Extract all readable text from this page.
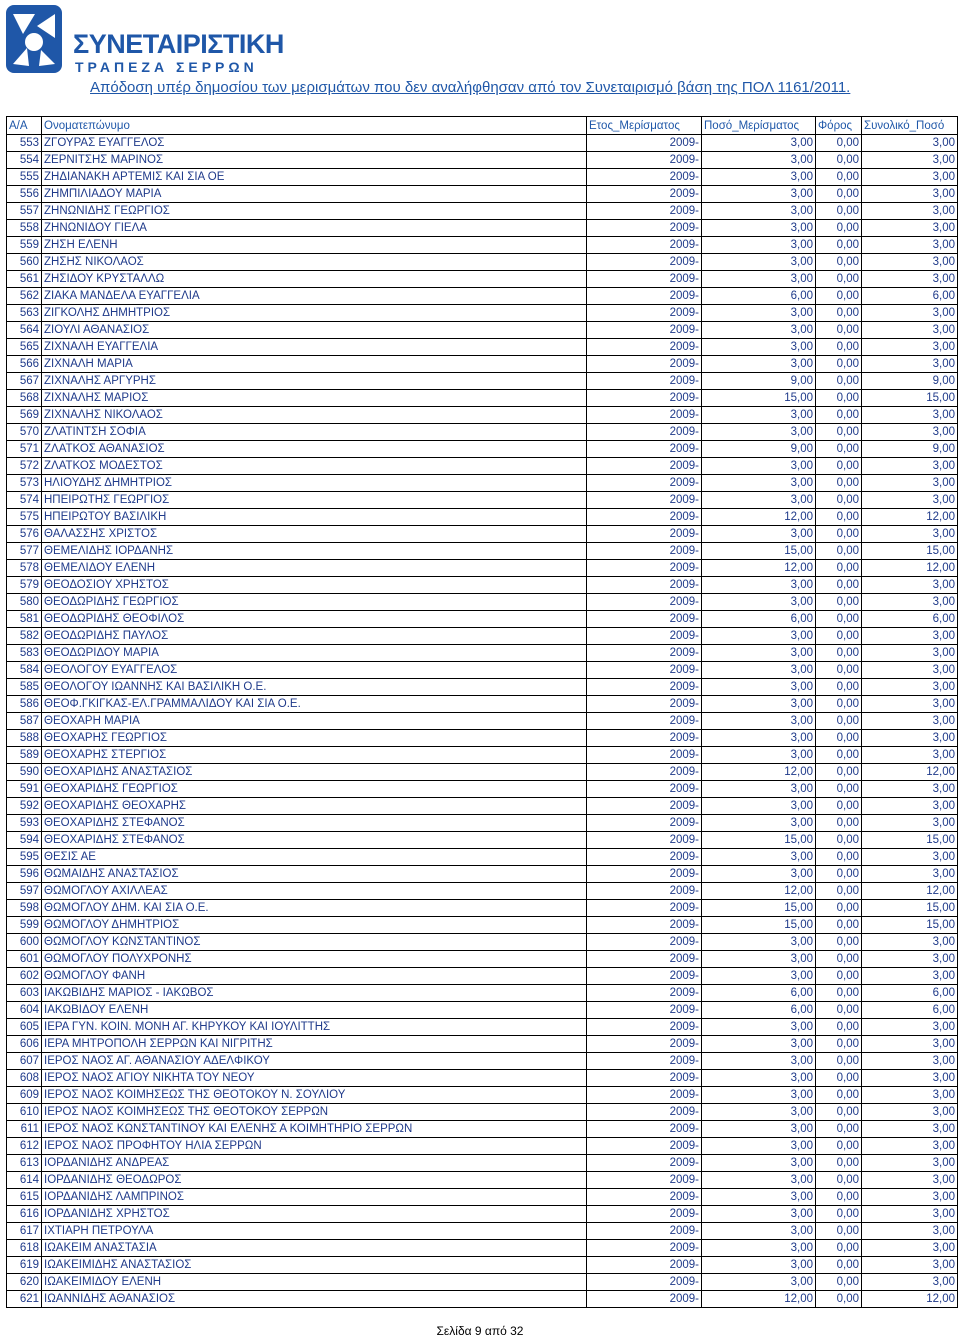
ΣΥΝΕΤΑΙΡΙΣΤΙΚΗ
ΤΡΑΠΕΖΑ ΣΕΡΡΩΝ
Απόδοση υπέρ δημοσίου των μερισμάτων που δεν αναλήφθησαν από τον Συνεταιρισμό βάση της ΠΟΛ 1161/2011.
Α/Α	Ονοματεπώνυμο	Ετος_Μερίσματος	Ποσό_Μερίσματος	Φόρος	Συνολικό_Ποσό
553	ΖΓΟΥΡΑΣ ΕΥΑΓΓΕΛΟΣ	2009-	3,00	0,00	3,00
554	ΖΕΡΝΙΤΣΗΣ ΜΑΡΙΝΟΣ	2009-	3,00	0,00	3,00
555	ΖΗΔΙΑΝΑΚΗ ΑΡΤΕΜΙΣ ΚΑΙ ΣΙΑ ΟΕ	2009-	3,00	0,00	3,00
556	ΖΗΜΠΙΛΙΑΔΟΥ ΜΑΡΙΑ	2009-	3,00	0,00	3,00
557	ΖΗΝΩΝΙΔΗΣ ΓΕΩΡΓΙΟΣ	2009-	3,00	0,00	3,00
558	ΖΗΝΩΝΙΔΟΥ ΓΙΕΛΑ	2009-	3,00	0,00	3,00
559	ΖΗΣΗ ΕΛΕΝΗ	2009-	3,00	0,00	3,00
560	ΖΗΣΗΣ ΝΙΚΟΛΑΟΣ	2009-	3,00	0,00	3,00
561	ΖΗΣΙΔΟΥ ΚΡΥΣΤΑΛΛΩ	2009-	3,00	0,00	3,00
562	ΖΙΑΚΑ ΜΑΝΔΕΛΑ ΕΥΑΓΓΕΛΙΑ	2009-	6,00	0,00	6,00
563	ΖΙΓΚΟΛΗΣ ΔΗΜΗΤΡΙΟΣ	2009-	3,00	0,00	3,00
564	ΖΙΟΥΛΙ ΑΘΑΝΑΣΙΟΣ	2009-	3,00	0,00	3,00
565	ΖΙΧΝΑΛΗ ΕΥΑΓΓΕΛΙΑ	2009-	3,00	0,00	3,00
566	ΖΙΧΝΑΛΗ ΜΑΡΙΑ	2009-	3,00	0,00	3,00
567	ΖΙΧΝΑΛΗΣ ΑΡΓΥΡΗΣ	2009-	9,00	0,00	9,00
568	ΖΙΧΝΑΛΗΣ ΜΑΡΙΟΣ	2009-	15,00	0,00	15,00
569	ΖΙΧΝΑΛΗΣ ΝΙΚΟΛΑΟΣ	2009-	3,00	0,00	3,00
570	ΖΛΑΤΙΝΤΣΗ ΣΟΦΙΑ	2009-	3,00	0,00	3,00
571	ΖΛΑΤΚΟΣ ΑΘΑΝΑΣΙΟΣ	2009-	9,00	0,00	9,00
572	ΖΛΑΤΚΟΣ ΜΟΔΕΣΤΟΣ	2009-	3,00	0,00	3,00
573	ΗΛΙΟΥΔΗΣ ΔΗΜΗΤΡΙΟΣ	2009-	3,00	0,00	3,00
574	ΗΠΕΙΡΩΤΗΣ ΓΕΩΡΓΙΟΣ	2009-	3,00	0,00	3,00
575	ΗΠΕΙΡΩΤΟΥ ΒΑΣΙΛΙΚΗ	2009-	12,00	0,00	12,00
576	ΘΑΛΑΣΣΗΣ ΧΡΙΣΤΟΣ	2009-	3,00	0,00	3,00
577	ΘΕΜΕΛΙΔΗΣ ΙΟΡΔΑΝΗΣ	2009-	15,00	0,00	15,00
578	ΘΕΜΕΛΙΔΟΥ ΕΛΕΝΗ	2009-	12,00	0,00	12,00
579	ΘΕΟΔΟΣΙΟΥ ΧΡΗΣΤΟΣ	2009-	3,00	0,00	3,00
580	ΘΕΟΔΩΡΙΔΗΣ ΓΕΩΡΓΙΟΣ	2009-	3,00	0,00	3,00
581	ΘΕΟΔΩΡΙΔΗΣ ΘΕΟΦΙΛΟΣ	2009-	6,00	0,00	6,00
582	ΘΕΟΔΩΡΙΔΗΣ ΠΑΥΛΟΣ	2009-	3,00	0,00	3,00
583	ΘΕΟΔΩΡΙΔΟΥ ΜΑΡΙΑ	2009-	3,00	0,00	3,00
584	ΘΕΟΛΟΓΟΥ ΕΥΑΓΓΕΛΟΣ	2009-	3,00	0,00	3,00
585	ΘΕΟΛΟΓΟΥ ΙΩΑΝΝΗΣ ΚΑΙ ΒΑΣΙΛΙΚΗ Ο.Ε.	2009-	3,00	0,00	3,00
586	ΘΕΟΦ.ΓΚΙΓΚΑΣ-ΕΛ.ΓΡΑΜΜΑΛΙΔΟΥ ΚΑΙ ΣΙΑ Ο.Ε.	2009-	3,00	0,00	3,00
587	ΘΕΟΧΑΡΗ ΜΑΡΙΑ	2009-	3,00	0,00	3,00
588	ΘΕΟΧΑΡΗΣ ΓΕΩΡΓΙΟΣ	2009-	3,00	0,00	3,00
589	ΘΕΟΧΑΡΗΣ ΣΤΕΡΓΙΟΣ	2009-	3,00	0,00	3,00
590	ΘΕΟΧΑΡΙΔΗΣ ΑΝΑΣΤΑΣΙΟΣ	2009-	12,00	0,00	12,00
591	ΘΕΟΧΑΡΙΔΗΣ ΓΕΩΡΓΙΟΣ	2009-	3,00	0,00	3,00
592	ΘΕΟΧΑΡΙΔΗΣ ΘΕΟΧΑΡΗΣ	2009-	3,00	0,00	3,00
593	ΘΕΟΧΑΡΙΔΗΣ ΣΤΕΦΑΝΟΣ	2009-	3,00	0,00	3,00
594	ΘΕΟΧΑΡΙΔΗΣ ΣΤΕΦΑΝΟΣ	2009-	15,00	0,00	15,00
595	ΘΕΣΙΣ ΑΕ	2009-	3,00	0,00	3,00
596	ΘΩΜΑΙΔΗΣ ΑΝΑΣΤΑΣΙΟΣ	2009-	3,00	0,00	3,00
597	ΘΩΜΟΓΛΟΥ ΑΧΙΛΛΕΑΣ	2009-	12,00	0,00	12,00
598	ΘΩΜΟΓΛΟΥ ΔΗΜ. ΚΑΙ ΣΙΑ Ο.Ε.	2009-	15,00	0,00	15,00
599	ΘΩΜΟΓΛΟΥ ΔΗΜΗΤΡΙΟΣ	2009-	15,00	0,00	15,00
600	ΘΩΜΟΓΛΟΥ ΚΩΝΣΤΑΝΤΙΝΟΣ	2009-	3,00	0,00	3,00
601	ΘΩΜΟΓΛΟΥ ΠΟΛΥΧΡΟΝΗΣ	2009-	3,00	0,00	3,00
602	ΘΩΜΟΓΛΟΥ ΦΑΝΗ	2009-	3,00	0,00	3,00
603	ΙΑΚΩΒΙΔΗΣ ΜΑΡΙΟΣ - ΙΑΚΩΒΟΣ	2009-	6,00	0,00	6,00
604	ΙΑΚΩΒΙΔΟΥ ΕΛΕΝΗ	2009-	6,00	0,00	6,00
605	ΙΕΡΑ ΓΥΝ. ΚΟΙΝ. ΜΟΝΗ ΑΓ. ΚΗΡΥΚΟΥ ΚΑΙ ΙΟΥΛΙΤΤΗΣ	2009-	3,00	0,00	3,00
606	ΙΕΡΑ ΜΗΤΡΟΠΟΛΗ ΣΕΡΡΩΝ ΚΑΙ ΝΙΓΡΙΤΗΣ	2009-	3,00	0,00	3,00
607	ΙΕΡΟΣ ΝΑΟΣ ΑΓ. ΑΘΑΝΑΣΙΟΥ ΑΔΕΛΦΙΚΟΥ	2009-	3,00	0,00	3,00
608	ΙΕΡΟΣ ΝΑΟΣ ΑΓΙΟΥ ΝΙΚΗΤΑ ΤΟΥ ΝΕΟΥ	2009-	3,00	0,00	3,00
609	ΙΕΡΟΣ ΝΑΟΣ ΚΟΙΜΗΣΕΩΣ ΤΗΣ ΘΕΟΤΟΚΟΥ Ν. ΣΟΥΛΙΟΥ	2009-	3,00	0,00	3,00
610	ΙΕΡΟΣ ΝΑΟΣ ΚΟΙΜΗΣΕΩΣ ΤΗΣ ΘΕΟΤΟΚΟΥ ΣΕΡΡΩΝ	2009-	3,00	0,00	3,00
611	ΙΕΡΟΣ ΝΑΟΣ ΚΩΝΣΤΑΝΤΙΝΟΥ ΚΑΙ ΕΛΕΝΗΣ Α ΚΟΙΜΗΤΗΡΙΟ ΣΕΡΡΩΝ	2009-	3,00	0,00	3,00
612	ΙΕΡΟΣ ΝΑΟΣ ΠΡΟΦΗΤΟΥ ΗΛΙΑ ΣΕΡΡΩΝ	2009-	3,00	0,00	3,00
613	ΙΟΡΔΑΝΙΔΗΣ ΑΝΔΡΕΑΣ	2009-	3,00	0,00	3,00
614	ΙΟΡΔΑΝΙΔΗΣ ΘΕΟΔΩΡΟΣ	2009-	3,00	0,00	3,00
615	ΙΟΡΔΑΝΙΔΗΣ ΛΑΜΠΡΙΝΟΣ	2009-	3,00	0,00	3,00
616	ΙΟΡΔΑΝΙΔΗΣ ΧΡΗΣΤΟΣ	2009-	3,00	0,00	3,00
617	ΙΧΤΙΑΡΗ ΠΕΤΡΟΥΛΑ	2009-	3,00	0,00	3,00
618	ΙΩΑΚΕΙΜ ΑΝΑΣΤΑΣΙΑ	2009-	3,00	0,00	3,00
619	ΙΩΑΚΕΙΜΙΔΗΣ ΑΝΑΣΤΑΣΙΟΣ	2009-	3,00	0,00	3,00
620	ΙΩΑΚΕΙΜΙΔΟΥ ΕΛΕΝΗ	2009-	3,00	0,00	3,00
621	ΙΩΑΝΝΙΔΗΣ ΑΘΑΝΑΣΙΟΣ	2009-	12,00	0,00	12,00
Σελίδα 9 από 32
